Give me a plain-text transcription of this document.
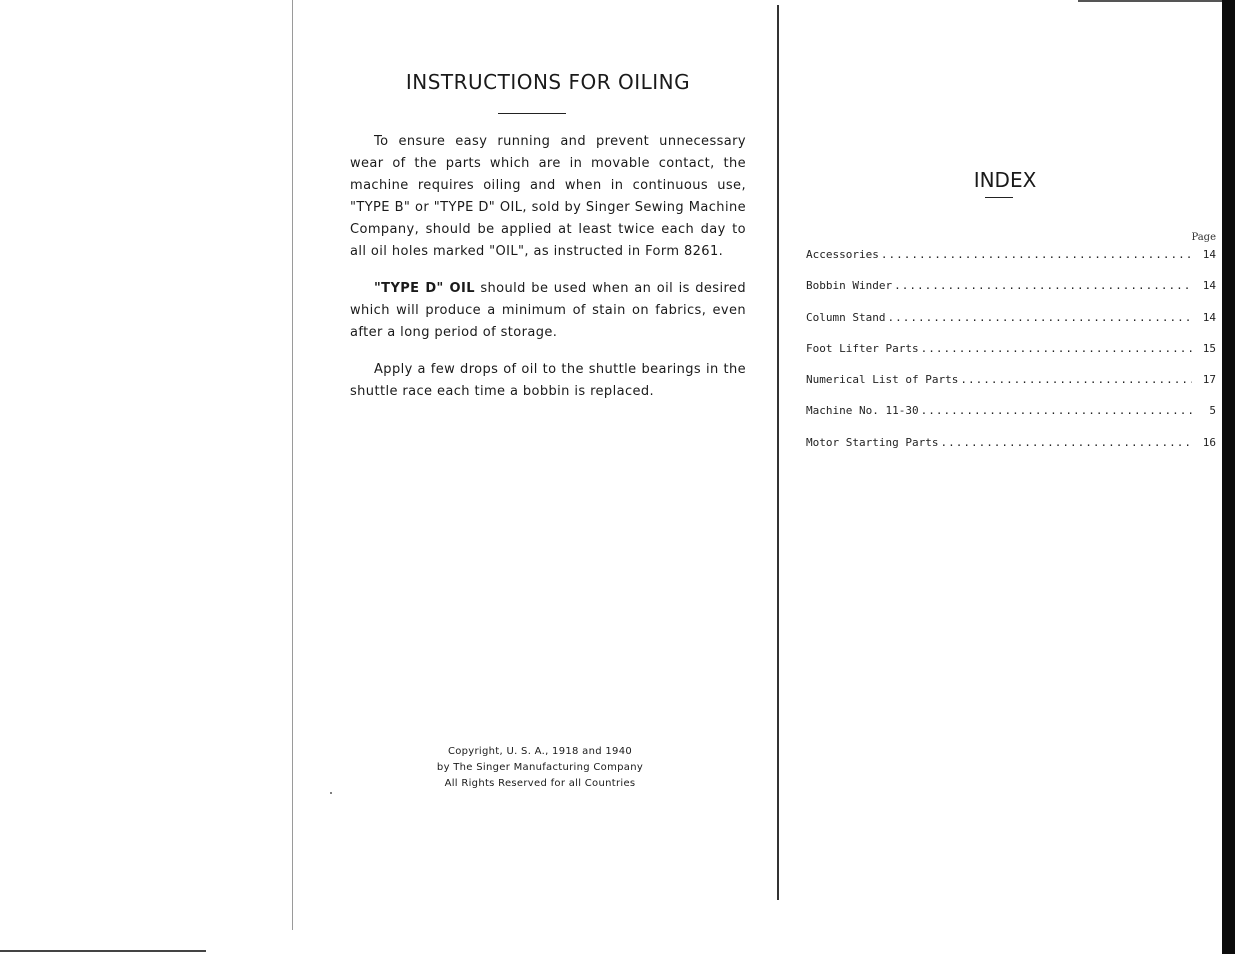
INSTRUCTIONS FOR OILING

To ensure easy running and prevent unnecessary wear of the parts which are in movable contact, the machine requires oiling and when in continuous use, "TYPE B" or "TYPE D" OIL, sold by Singer Sewing Machine Company, should be applied at least twice each day to all oil holes marked "OIL", as instructed in Form 8261.

"TYPE D" OIL should be used when an oil is desired which will produce a minimum of stain on fabrics, even after a long period of storage.

Apply a few drops of oil to the shuttle bearings in the shuttle race each time a bobbin is replaced.

Copyright, U. S. A., 1918 and 1940
by The Singer Manufacturing Company
All Rights Reserved for all Countries
INDEX
Page
Accessories .....	14
Bobbin Winder .....	14
Column Stand .....	14
Foot Lifter Parts .....	15
Numerical List of Parts .....	17
Machine No. 11-30 .....	5
Motor Starting Parts .....	16
